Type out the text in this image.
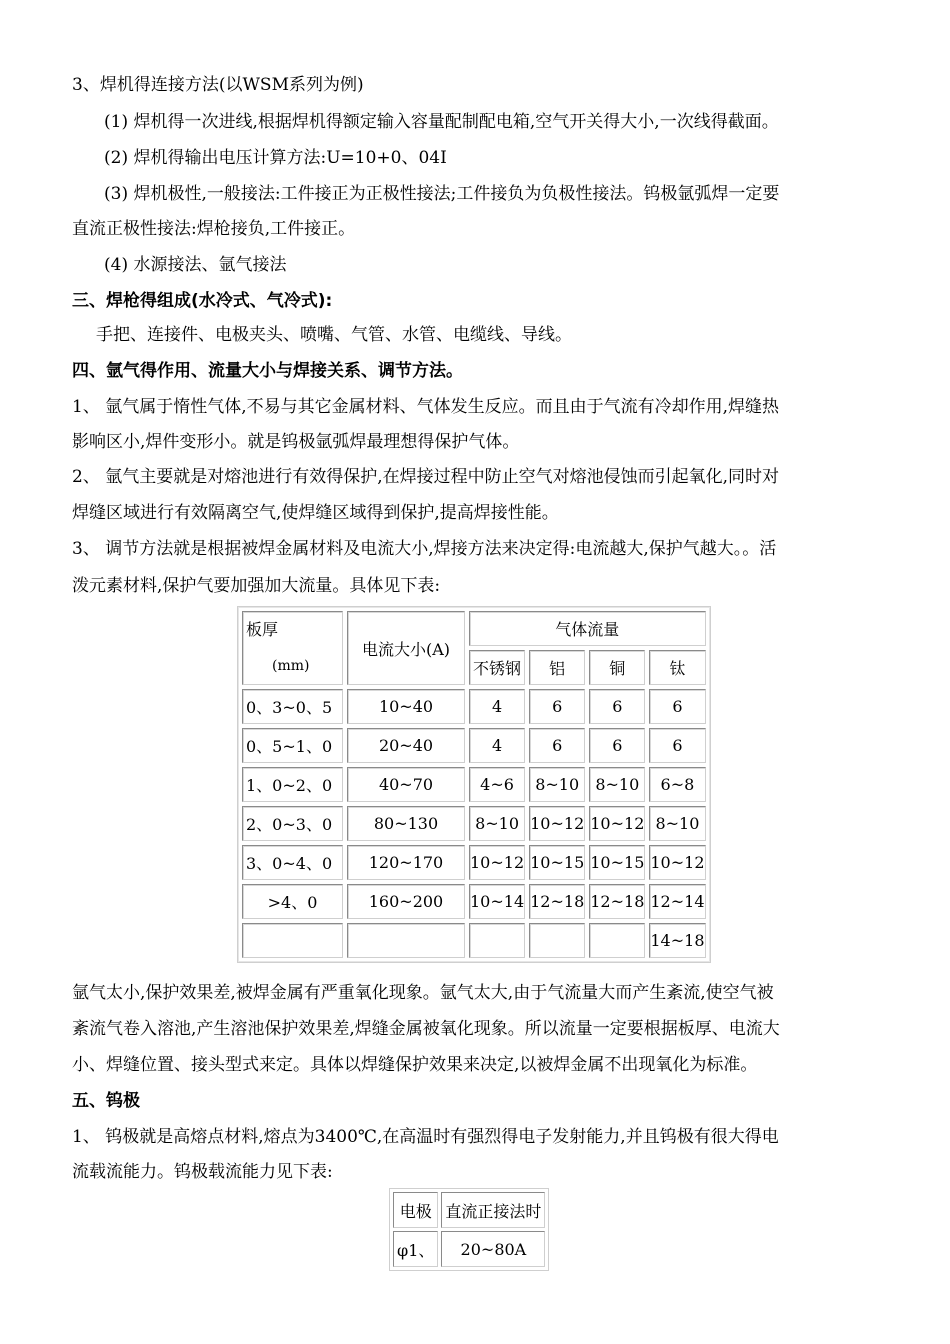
3、焊机得连接方法(以WSM系列为例)
(1) 焊机得一次进线,根据焊机得额定输入容量配制配电箱,空气开关得大小,一次线得截面。
(2) 焊机得输出电压计算方法:U=10+0、04I
(3) 焊机极性,一般接法:工件接正为正极性接法;工件接负为负极性接法。钨极氩弧焊一定要
直流正极性接法:焊枪接负,工件接正。
(4) 水源接法、氩气接法
三、焊枪得组成(水冷式、气冷式):
手把、连接件、电极夹头、喷嘴、气管、水管、电缆线、导线。
四、氩气得作用、流量大小与焊接关系、调节方法。
1、 氩气属于惰性气体,不易与其它金属材料、气体发生反应。而且由于气流有冷却作用,焊缝热
影响区小,焊件变形小。就是钨极氩弧焊最理想得保护气体。
2、 氩气主要就是对熔池进行有效得保护,在焊接过程中防止空气对熔池侵蚀而引起氧化,同时对
焊缝区域进行有效隔离空气,使焊缝区域得到保护,提高焊接性能。
3、 调节方法就是根据被焊金属材料及电流大小,焊接方法来决定得:电流越大,保护气越大。。活
泼元素材料,保护气要加强加大流量。具体见下表:
板厚
(mm)	电流大小(A)	气体流量			
		不锈钢	铝	铜	钛
0、3~0、5	10~40	4	6	6	6
0、5~1、0	20~40	4	6	6	6
1、0~2、0	40~70	4~6	8~10	8~10	6~8
2、0~3、0	80~130	8~10	10~12	10~12	8~10
3、0~4、0	120~170	10~12	10~15	10~15	10~12
>4、0	160~200	10~14	12~18	12~18	12~14
					14~18
氩气太小,保护效果差,被焊金属有严重氧化现象。氩气太大,由于气流量大而产生紊流,使空气被
紊流气卷入溶池,产生溶池保护效果差,焊缝金属被氧化现象。所以流量一定要根据板厚、电流大
小、焊缝位置、接头型式来定。具体以焊缝保护效果来决定,以被焊金属不出现氧化为标准。
五、钨极
1、 钨极就是高熔点材料,熔点为3400℃,在高温时有强烈得电子发射能力,并且钨极有很大得电
流载流能力。钨极载流能力见下表:
电极	直流正接法时
φ1、	20~80A
